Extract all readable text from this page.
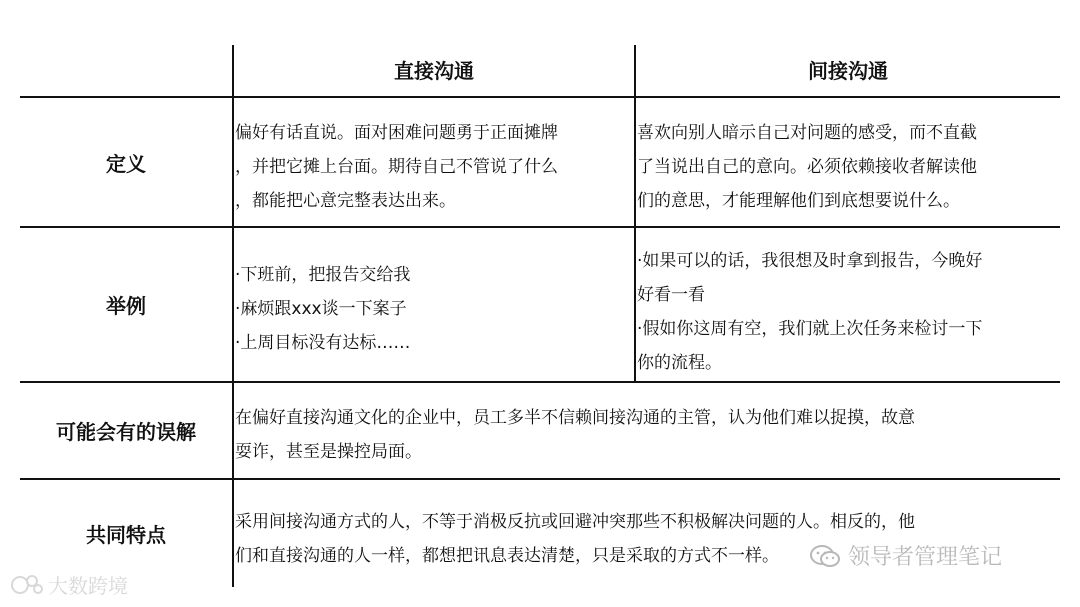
直接沟通	间接沟通
定义
偏好有话直说。面对困难问题勇于正面摊牌
，并把它摊上台面。期待自己不管说了什么
，都能把心意完整表达出来。
喜欢向别人暗示自己对问题的感受，而不直截
了当说出自己的意向。必须依赖接收者解读他
们的意思，才能理解他们到底想要说什么。
举例
·下班前，把报告交给我
·麻烦跟xxx谈一下案子
·上周目标没有达标……
·如果可以的话，我很想及时拿到报告，今晚好
好看一看
·假如你这周有空，我们就上次任务来检讨一下
你的流程。
可能会有的误解
在偏好直接沟通文化的企业中，员工多半不信赖间接沟通的主管，认为他们难以捉摸，故意
耍诈，甚至是操控局面。
共同特点
采用间接沟通方式的人，不等于消极反抗或回避冲突那些不积极解决问题的人。相反的，他
们和直接沟通的人一样，都想把讯息表达清楚，只是采取的方式不一样。
大数跨境
领导者管理笔记
